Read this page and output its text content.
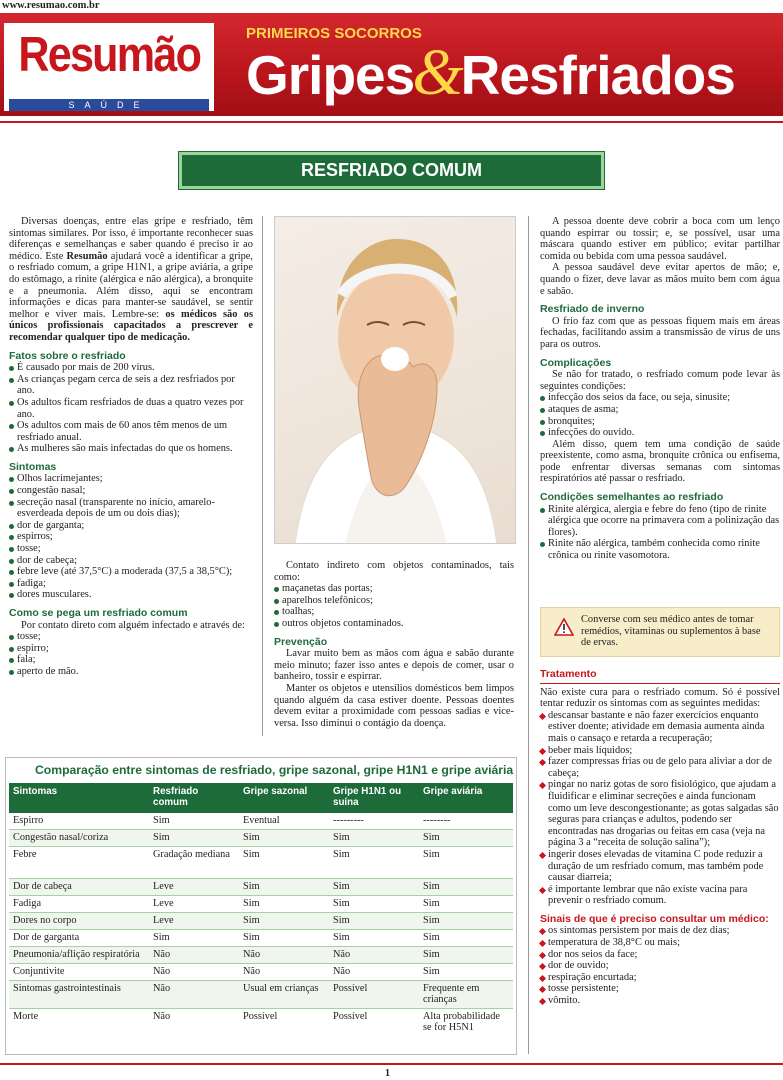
www.resumao.com.br
Resumão
SAÚDE
PRIMEIROS SOCORROS
Gripes&Resfriados
RESFRIADO COMUM

Diversas doenças, entre elas gripe e resfriado, têm sintomas similares. Por isso, é importante reconhecer suas diferenças e semelhanças e saber quando é preciso ir ao médico. Este Resumão ajudará você a identificar a gripe, o resfriado comum, a gripe H1N1, a gripe aviária, a gripe do estômago, a rinite (alérgica e não alérgica), a bronquite e a pneumonia. Além disso, aqui se encontram informações e dicas para manter-se saudável, se sentir melhor e viver mais. Lembre-se: os médicos são os únicos profissionais capacitados a prescrever e recomendar qualquer tipo de medicação.

Fatos sobre o resfriado
É causado por mais de 200 vírus.
As crianças pegam cerca de seis a dez resfriados por ano.
Os adultos ficam resfriados de duas a quatro vezes por ano.
Os adultos com mais de 60 anos têm menos de um resfriado anual.
As mulheres são mais infectadas do que os homens.
Sintomas
Olhos lacrimejantes;
congestão nasal;
secreção nasal (transparente no início, amarelo-esverdeada depois de um ou dois dias);
dor de garganta;
espirros;
tosse;
dor de cabeça;
febre leve (até 37,5°C) a moderada (37,5 a 38,5°C);
fadiga;
dores musculares.
Como se pega um resfriado comum

Por contato direto com alguém infectado e através de:

tosse;
espirro;
fala;
aperto de mão.

Contato indireto com objetos contaminados, tais como:

maçanetas das portas;
aparelhos telefônicos;
toalhas;
outros objetos contaminados.
Prevenção

Lavar muito bem as mãos com água e sabão durante meio minuto; fazer isso antes e depois de comer, usar o banheiro, tossir e espirrar.

Manter os objetos e utensílios domésticos bem limpos quando alguém da casa estiver doente. Pessoas doentes devem evitar a proximidade com pessoas sadias e vice-versa. Isso diminui o contágio da doença.

A pessoa doente deve cobrir a boca com um lenço quando espirrar ou tossir; e, se possível, usar uma máscara quando estiver em público; evitar partilhar comida ou bebida com uma pessoa saudável.

A pessoa saudável deve evitar apertos de mão; e, quando o fizer, deve lavar as mãos muito bem com água e sabão.

Resfriado de inverno

O frio faz com que as pessoas fiquem mais em áreas fechadas, facilitando assim a transmissão de vírus de uns para os outros.

Complicações

Se não for tratado, o resfriado comum pode levar às seguintes condições:

infecção dos seios da face, ou seja, sinusite;
ataques de asma;
bronquites;
infecções do ouvido.

Além disso, quem tem uma condição de saúde preexistente, como asma, bronquite crônica ou enfisema, pode enfrentar diversas semanas com sintomas respiratórios até passar o resfriado.

Condições semelhantes ao resfriado
Rinite alérgica, alergia e febre do feno (tipo de rinite alérgica que ocorre na primavera com a polinização das flores).
Rinite não alérgica, também conhecida como rinite crônica ou rinite vasomotora.
Converse com seu médico antes de tomar remédios, vitaminas ou suplementos à base de ervas.
Tratamento

Não existe cura para o resfriado comum. Só é possível tentar reduzir os sintomas com as seguintes medidas:

descansar bastante e não fazer exercícios enquanto estiver doente; atividade em demasia aumenta ainda mais o cansaço e retarda a recuperação;
beber mais líquidos;
fazer compressas frias ou de gelo para aliviar a dor de cabeça;
pingar no nariz gotas de soro fisiológico, que ajudam a fluidificar e eliminar secreções e ainda funcionam como um leve descongestionante; as gotas salgadas são seguras para crianças e adultos, podendo ser encontradas nas drogarias ou feitas em casa (veja na página 3 a “receita de solução salina”);
ingerir doses elevadas de vitamina C pode reduzir a duração de um resfriado comum, mas também pode causar diarreia;
é importante lembrar que não existe vacina para prevenir o resfriado comum.
Sinais de que é preciso consultar um médico:
os sintomas persistem por mais de dez dias;
temperatura de 38,8°C ou mais;
dor nos seios da face;
dor de ouvido;
respiração encurtada;
tosse persistente;
vômito.
Comparação entre sintomas de resfriado, gripe sazonal, gripe H1N1 e gripe aviária
Sintomas	Resfriado comum	Gripe sazonal	Gripe H1N1 ou suína	Gripe aviária
Espirro	Sim	Eventual	---------	--------
Congestão nasal/coriza	Sim	Sim	Sim	Sim
Febre	Gradação mediana	Sim	Sim	Sim
Dor de cabeça	Leve	Sim	Sim	Sim
Fadiga	Leve	Sim	Sim	Sim
Dores no corpo	Leve	Sim	Sim	Sim
Dor de garganta	Sim	Sim	Sim	Sim
Pneumonia/aflição respiratória	Não	Não	Não	Sim
Conjuntivite	Não	Não	Não	Sim
Sintomas gastrointestinais	Não	Usual em crianças	Possível	Frequente em crianças
Morte	Não	Possível	Possível	Alta probabilidade se for H5N1
1
